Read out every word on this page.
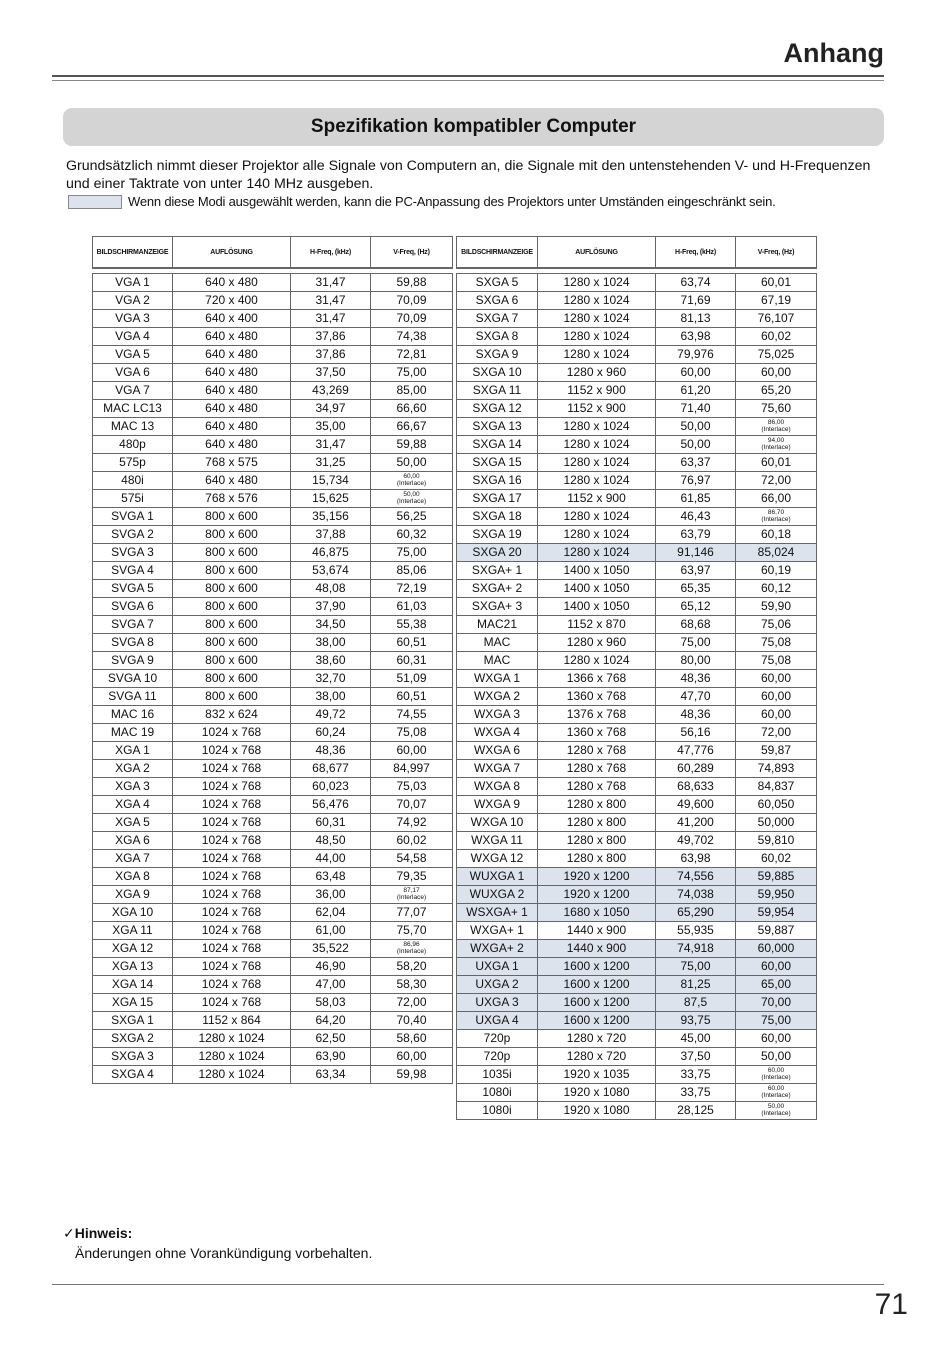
Anhang
Spezifikation kompatibler Computer

Grundsätzlich nimmt dieser Projektor alle Signale von Computern an, die Signale mit den untenstehenden V- und H-Frequenzen und einer Taktrate von unter 140 MHz ausgeben.

Wenn diese Modi ausgewählt werden, kann die PC-Anpassung des Projektors unter Umständen eingeschränkt sein.
BILDSCHIRMANZEIGE	AUFLÖSUNG	H-Freq, (kHz)	V-Freq, (Hz)

VGA 1	640 x 480	31,47	59,88
VGA 2	720 x 400	31,47	70,09
VGA 3	640 x 400	31,47	70,09
VGA 4	640 x 480	37,86	74,38
VGA 5	640 x 480	37,86	72,81
VGA 6	640 x 480	37,50	75,00
VGA 7	640 x 480	43,269	85,00
MAC LC13	640 x 480	34,97	66,60
MAC 13	640 x 480	35,00	66,67
480p	640 x 480	31,47	59,88
575p	768 x 575	31,25	50,00
480i	640 x 480	15,734	60,00
(Interlace)

575i	768 x 576	15,625	50,00
(Interlace)

SVGA 1	800 x 600	35,156	56,25
SVGA 2	800 x 600	37,88	60,32
SVGA 3	800 x 600	46,875	75,00
SVGA 4	800 x 600	53,674	85,06
SVGA 5	800 x 600	48,08	72,19
SVGA 6	800 x 600	37,90	61,03
SVGA 7	800 x 600	34,50	55,38
SVGA 8	800 x 600	38,00	60,51
SVGA 9	800 x 600	38,60	60,31
SVGA 10	800 x 600	32,70	51,09
SVGA 11	800 x 600	38,00	60,51
MAC 16	832 x 624	49,72	74,55
MAC 19	1024 x 768	60,24	75,08
XGA 1	1024 x 768	48,36	60,00
XGA 2	1024 x 768	68,677	84,997
XGA 3	1024 x 768	60,023	75,03
XGA 4	1024 x 768	56,476	70,07
XGA 5	1024 x 768	60,31	74,92
XGA 6	1024 x 768	48,50	60,02
XGA 7	1024 x 768	44,00	54,58
XGA 8	1024 x 768	63,48	79,35
XGA 9	1024 x 768	36,00	87,17
(Interlace)

XGA 10	1024 x 768	62,04	77,07
XGA 11	1024 x 768	61,00	75,70
XGA 12	1024 x 768	35,522	86,96
(Interlace)

XGA 13	1024 x 768	46,90	58,20
XGA 14	1024 x 768	47,00	58,30
XGA 15	1024 x 768	58,03	72,00
SXGA 1	1152 x 864	64,20	70,40
SXGA 2	1280 x 1024	62,50	58,60
SXGA 3	1280 x 1024	63,90	60,00
SXGA 4	1280 x 1024	63,34	59,98
BILDSCHIRMANZEIGE	AUFLÖSUNG	H-Freq, (kHz)	V-Freq, (Hz)

SXGA 5	1280 x 1024	63,74	60,01
SXGA 6	1280 x 1024	71,69	67,19
SXGA 7	1280 x 1024	81,13	76,107
SXGA 8	1280 x 1024	63,98	60,02
SXGA 9	1280 x 1024	79,976	75,025
SXGA 10	1280 x 960	60,00	60,00
SXGA 11	1152 x 900	61,20	65,20
SXGA 12	1152 x 900	71,40	75,60
SXGA 13	1280 x 1024	50,00	86,00
(Interlace)

SXGA 14	1280 x 1024	50,00	94,00
(Interlace)

SXGA 15	1280 x 1024	63,37	60,01
SXGA 16	1280 x 1024	76,97	72,00
SXGA 17	1152 x 900	61,85	66,00
SXGA 18	1280 x 1024	46,43	86,70
(Interlace)

SXGA 19	1280 x 1024	63,79	60,18
SXGA 20	1280 x 1024	91,146	85,024
SXGA+ 1	1400 x 1050	63,97	60,19
SXGA+ 2	1400 x 1050	65,35	60,12
SXGA+ 3	1400 x 1050	65,12	59,90
MAC21	1152 x 870	68,68	75,06
MAC	1280 x 960	75,00	75,08
MAC	1280 x 1024	80,00	75,08
WXGA 1	1366 x 768	48,36	60,00
WXGA 2	1360 x 768	47,70	60,00
WXGA 3	1376 x 768	48,36	60,00
WXGA 4	1360 x 768	56,16	72,00
WXGA 6	1280 x 768	47,776	59,87
WXGA 7	1280 x 768	60,289	74,893
WXGA 8	1280 x 768	68,633	84,837
WXGA 9	1280 x 800	49,600	60,050
WXGA 10	1280 x 800	41,200	50,000
WXGA 11	1280 x 800	49,702	59,810
WXGA 12	1280 x 800	63,98	60,02
WUXGA 1	1920 x 1200	74,556	59,885
WUXGA 2	1920 x 1200	74,038	59,950
WSXGA+ 1	1680 x 1050	65,290	59,954
WXGA+ 1	1440 x 900	55,935	59,887
WXGA+ 2	1440 x 900	74,918	60,000
UXGA 1	1600 x 1200	75,00	60,00
UXGA 2	1600 x 1200	81,25	65,00
UXGA 3	1600 x 1200	87,5	70,00
UXGA 4	1600 x 1200	93,75	75,00
720p	1280 x 720	45,00	60,00
720p	1280 x 720	37,50	50,00
1035i	1920 x 1035	33,75	60,00
(Interlace)

1080i	1920 x 1080	33,75	60,00
(Interlace)

1080i	1920 x 1080	28,125	50,00
(Interlace)
✓Hinweis:
Änderungen ohne Vorankündigung vorbehalten.
71
